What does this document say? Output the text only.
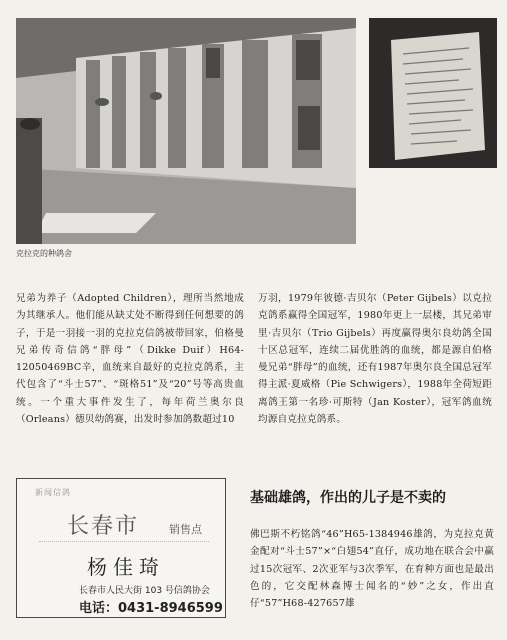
克拉克的种鸽舍

兄弟为养子（Adopted Children），理所当然地成为其继承人。他们能从缺丈处不断得到任何想要的鸽子，于是一羽接一羽的克拉克信鸽被带回家，伯格曼兄弟传奇信鸽“胖母”（Dikke Duif）H64-12050469BC辛，血统来自最好的克拉克鸽系，主代包含了“斗士57”、“斑格51”及“20”号等高贵血统。一个重大事件发生了，每年荷兰奥尔良（Orleans）德贝幼鸽赛，出发时参加鸽数超过10

万羽，1979年彼德·吉贝尔（Peter Gijbels）以克拉克鸽系赢得全国冠军，1980年更上一层楼，其兄弟审里·吉贝尔（Trio Gijbels）再度赢得奥尔良幼鸽全国十区总冠军，连续二届优胜鸽的血统，都是源自伯格曼兄弟“胖母”的血统，还有1987年奥尔良全国总冠军得主派·夏威格（Pie Schwigers），1988年全荷短距离鸽王第一名珍·可斯特（Jan Koster），冠军鸽血统均源自克拉克鸽系。

新闻信鸽
长春市	销售点
杨佳琦
长春市人民大街 103 号信鸽协会
电话：0431-8946599
基础雄鸽，作出的儿子是不卖的

佛巴斯不朽铭鸽“46”H65-1384946雄鸽，为克拉克黄金配对“斗士57”×“白翅54”直仔，成功地在联合会中赢过15次冠军、2次亚军与3次季军，在育种方面也是最出色的，它交配林森博士闻名的“妙”之女，作出直仔“57”H68-427657雄
